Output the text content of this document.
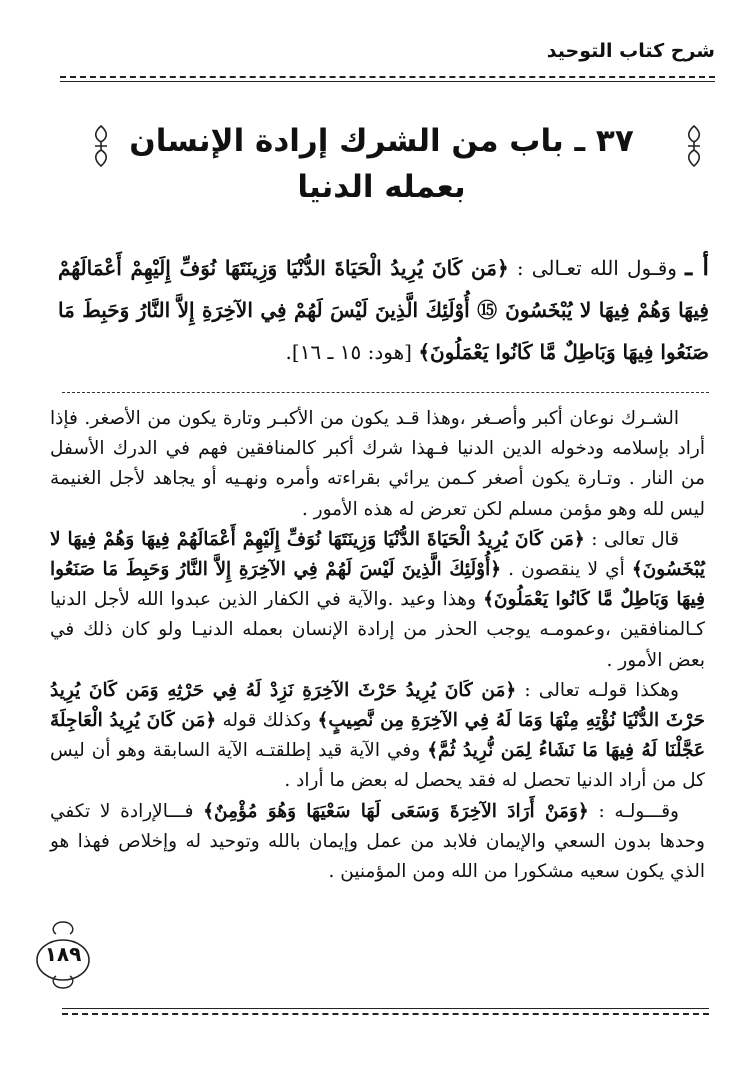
شرح كتاب التوحيد
٣٧ ـ باب من الشرك إرادة الإنسان
بعمله الدنيا
أ ـ وقـول الله تعـالى : ﴿مَن كَانَ يُرِيدُ الْحَيَاةَ الدُّنْيَا وَزِينَتَهَا نُوَفِّ إِلَيْهِمْ أَعْمَالَهُمْ فِيهَا وَهُمْ فِيهَا لا يُبْخَسُونَ ⑮ أُوْلَئِكَ الَّذِينَ لَيْسَ لَهُمْ فِي الآخِرَةِ إِلاَّ النَّارُ وَحَبِطَ مَا صَنَعُوا فِيهَا وَبَاطِلٌ مَّا كَانُوا يَعْمَلُونَ﴾ [هود: ١٥ ـ ١٦].

الشـرك نوعان أكبر وأصـغر ،وهذا قـد يكون من الأكبـر وتارة يكون من الأصغر. فإذا أراد بإسلامه ودخوله الدين الدنيا فـهذا شرك أكبر كالمنافقين فهم في الدرك الأسفل من النار . وتـارة يكون أصغر كـمن يرائي بقراءته وأمره ونهـيه أو يجاهد لأجل الغنيمة ليس لله وهو مؤمن مسلم لكن تعرض له هذه الأمور .

قال تعالى : ﴿مَن كَانَ يُرِيدُ الْحَيَاةَ الدُّنْيَا وَزِينَتَهَا نُوَفِّ إِلَيْهِمْ أَعْمَالَهُمْ فِيهَا وَهُمْ فِيهَا لا يُبْخَسُونَ﴾ أي لا ينقصون . ﴿أُوْلَئِكَ الَّذِينَ لَيْسَ لَهُمْ فِي الآخِرَةِ إِلاَّ النَّارُ وَحَبِطَ مَا صَنَعُوا فِيهَا وَبَاطِلٌ مَّا كَانُوا يَعْمَلُونَ﴾ وهذا وعيد .والآية في الكفار الذين عبدوا الله لأجل الدنيا كـالمنافقين ،وعمومـه يوجب الحذر من إرادة الإنسان بعمله الدنيـا ولو كان ذلك في بعض الأمور .

وهكذا قولـه تعالى : ﴿مَن كَانَ يُرِيدُ حَرْثَ الآخِرَةِ نَزِدْ لَهُ فِي حَرْثِهِ وَمَن كَانَ يُرِيدُ حَرْثَ الدُّنْيَا نُؤْتِهِ مِنْهَا وَمَا لَهُ فِي الآخِرَةِ مِن نَّصِيبٍ﴾ وكذلك قوله ﴿مَن كَانَ يُرِيدُ الْعَاجِلَةَ عَجَّلْنَا لَهُ فِيهَا مَا نَشَاءُ لِمَن نُّرِيدُ ثُمَّ﴾ وفي الآية قيد إطلقتـه الآية السابقة وهو أن ليس كل من أراد الدنيا تحصل له فقد يحصل له بعض ما أراد .

وقـــولـه : ﴿وَمَنْ أَرَادَ الآخِرَةَ وَسَعَى لَهَا سَعْيَهَا وَهُوَ مُؤْمِنٌ﴾ فـــالإرادة لا تكفي وحدها بدون السعي والإيمان فلابد من عمل وإيمان بالله وتوحيد له وإخلاص فهذا هو الذي يكون سعيه مشكورا من الله ومن المؤمنين .

١٨٩
